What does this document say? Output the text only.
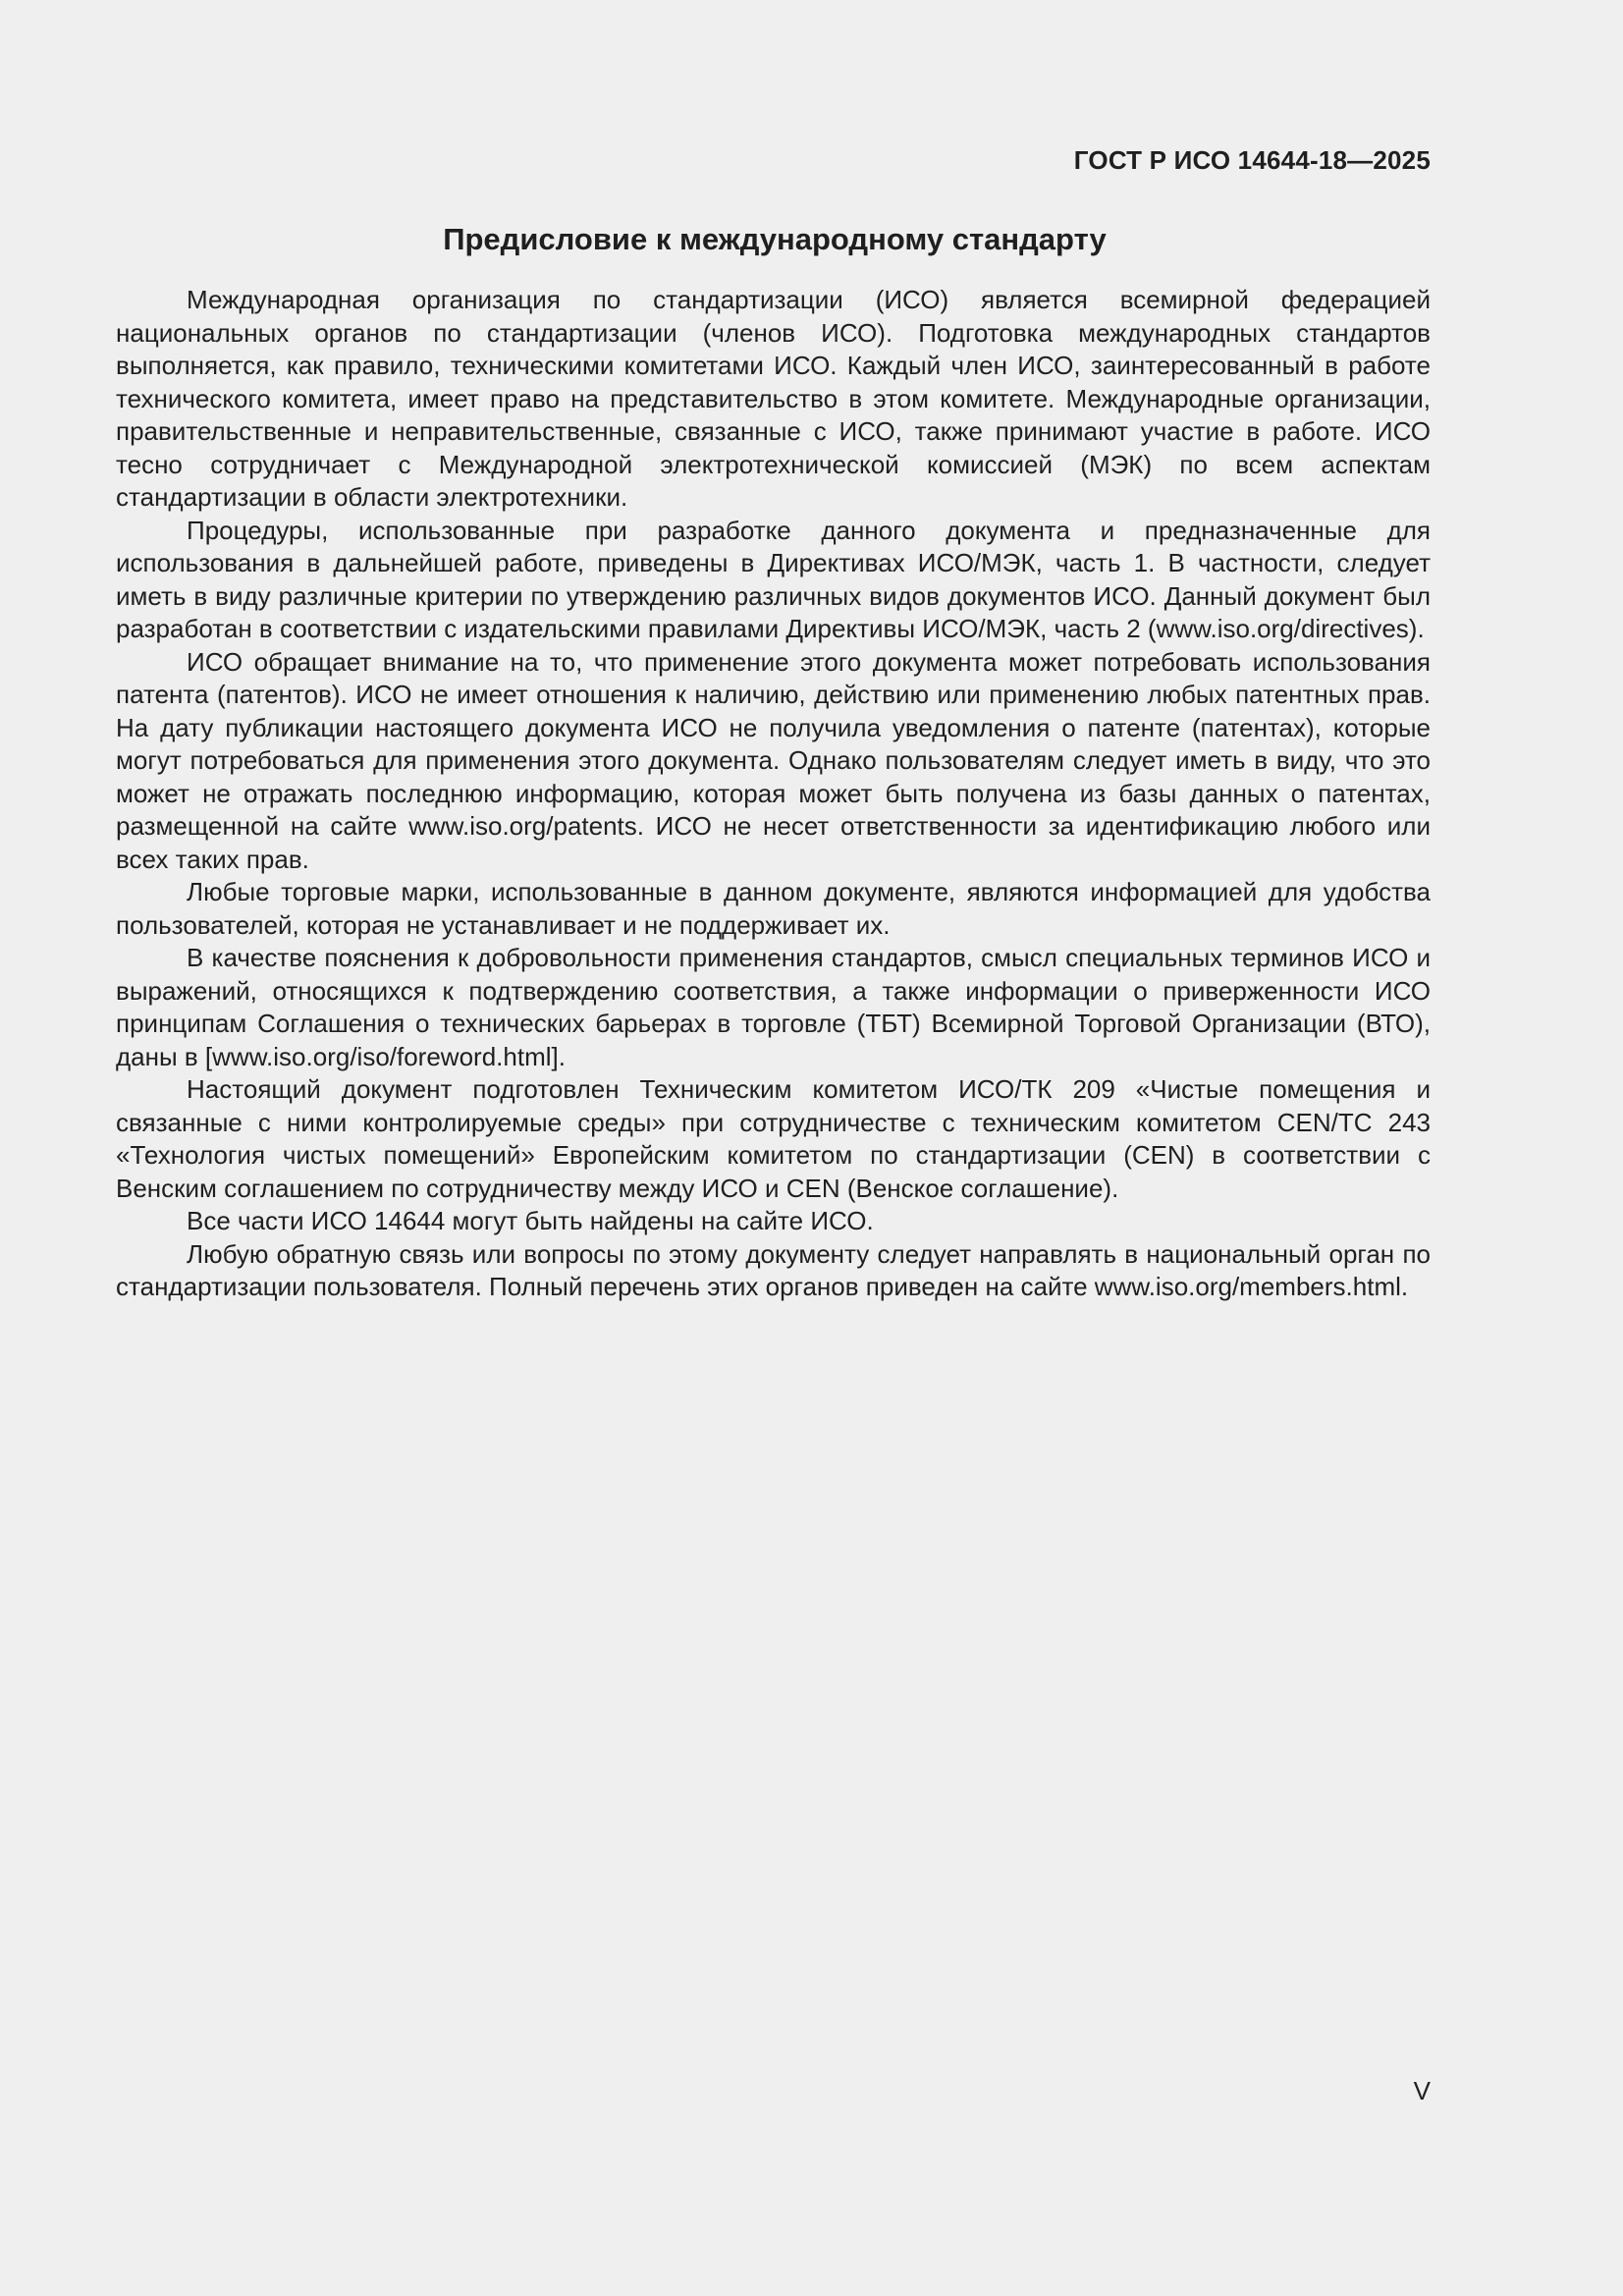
ГОСТ Р ИСО 14644-18—2025
Предисловие к международному стандарту

Международная организация по стандартизации (ИСО) является всемирной федерацией национальных органов по стандартизации (членов ИСО). Подготовка международных стандартов выполняется, как правило, техническими комитетами ИСО. Каждый член ИСО, заинтересованный в работе технического комитета, имеет право на представительство в этом комитете. Международные организации, правительственные и неправительственные, связанные с ИСО, также принимают участие в работе. ИСО тесно сотрудничает с Международной электротехнической комиссией (МЭК) по всем аспектам стандартизации в области электротехники.

Процедуры, использованные при разработке данного документа и предназначенные для использования в дальнейшей работе, приведены в Директивах ИСО/МЭК, часть 1. В частности, следует иметь в виду различные критерии по утверждению различных видов документов ИСО. Данный документ был разработан в соответствии с издательскими правилами Директивы ИСО/МЭК, часть 2 (www.iso.org/directives).

ИСО обращает внимание на то, что применение этого документа может потребовать использования патента (патентов). ИСО не имеет отношения к наличию, действию или применению любых патентных прав. На дату публикации настоящего документа ИСО не получила уведомления о патенте (патентах), которые могут потребоваться для применения этого документа. Однако пользователям следует иметь в виду, что это может не отражать последнюю информацию, которая может быть получена из базы данных о патентах, размещенной на сайте www.iso.org/patents. ИСО не несет ответственности за идентификацию любого или всех таких прав.

Любые торговые марки, использованные в данном документе, являются информацией для удобства пользователей, которая не устанавливает и не поддерживает их.

В качестве пояснения к добровольности применения стандартов, смысл специальных терминов ИСО и выражений, относящихся к подтверждению соответствия, а также информации о приверженности ИСО принципам Соглашения о технических барьерах в торговле (ТБТ) Всемирной Торговой Организации (ВТО), даны в [www.iso.org/iso/foreword.html].

Настоящий документ подготовлен Техническим комитетом ИСО/ТК 209 «Чистые помещения и связанные с ними контролируемые среды» при сотрудничестве с техническим комитетом CEN/TC 243 «Технология чистых помещений» Европейским комитетом по стандартизации (CEN) в соответствии с Венским соглашением по сотрудничеству между ИСО и CEN (Венское соглашение).

Все части ИСО 14644 могут быть найдены на сайте ИСО.

Любую обратную связь или вопросы по этому документу следует направлять в национальный орган по стандартизации пользователя. Полный перечень этих органов приведен на сайте www.iso.org/members.html.

V
